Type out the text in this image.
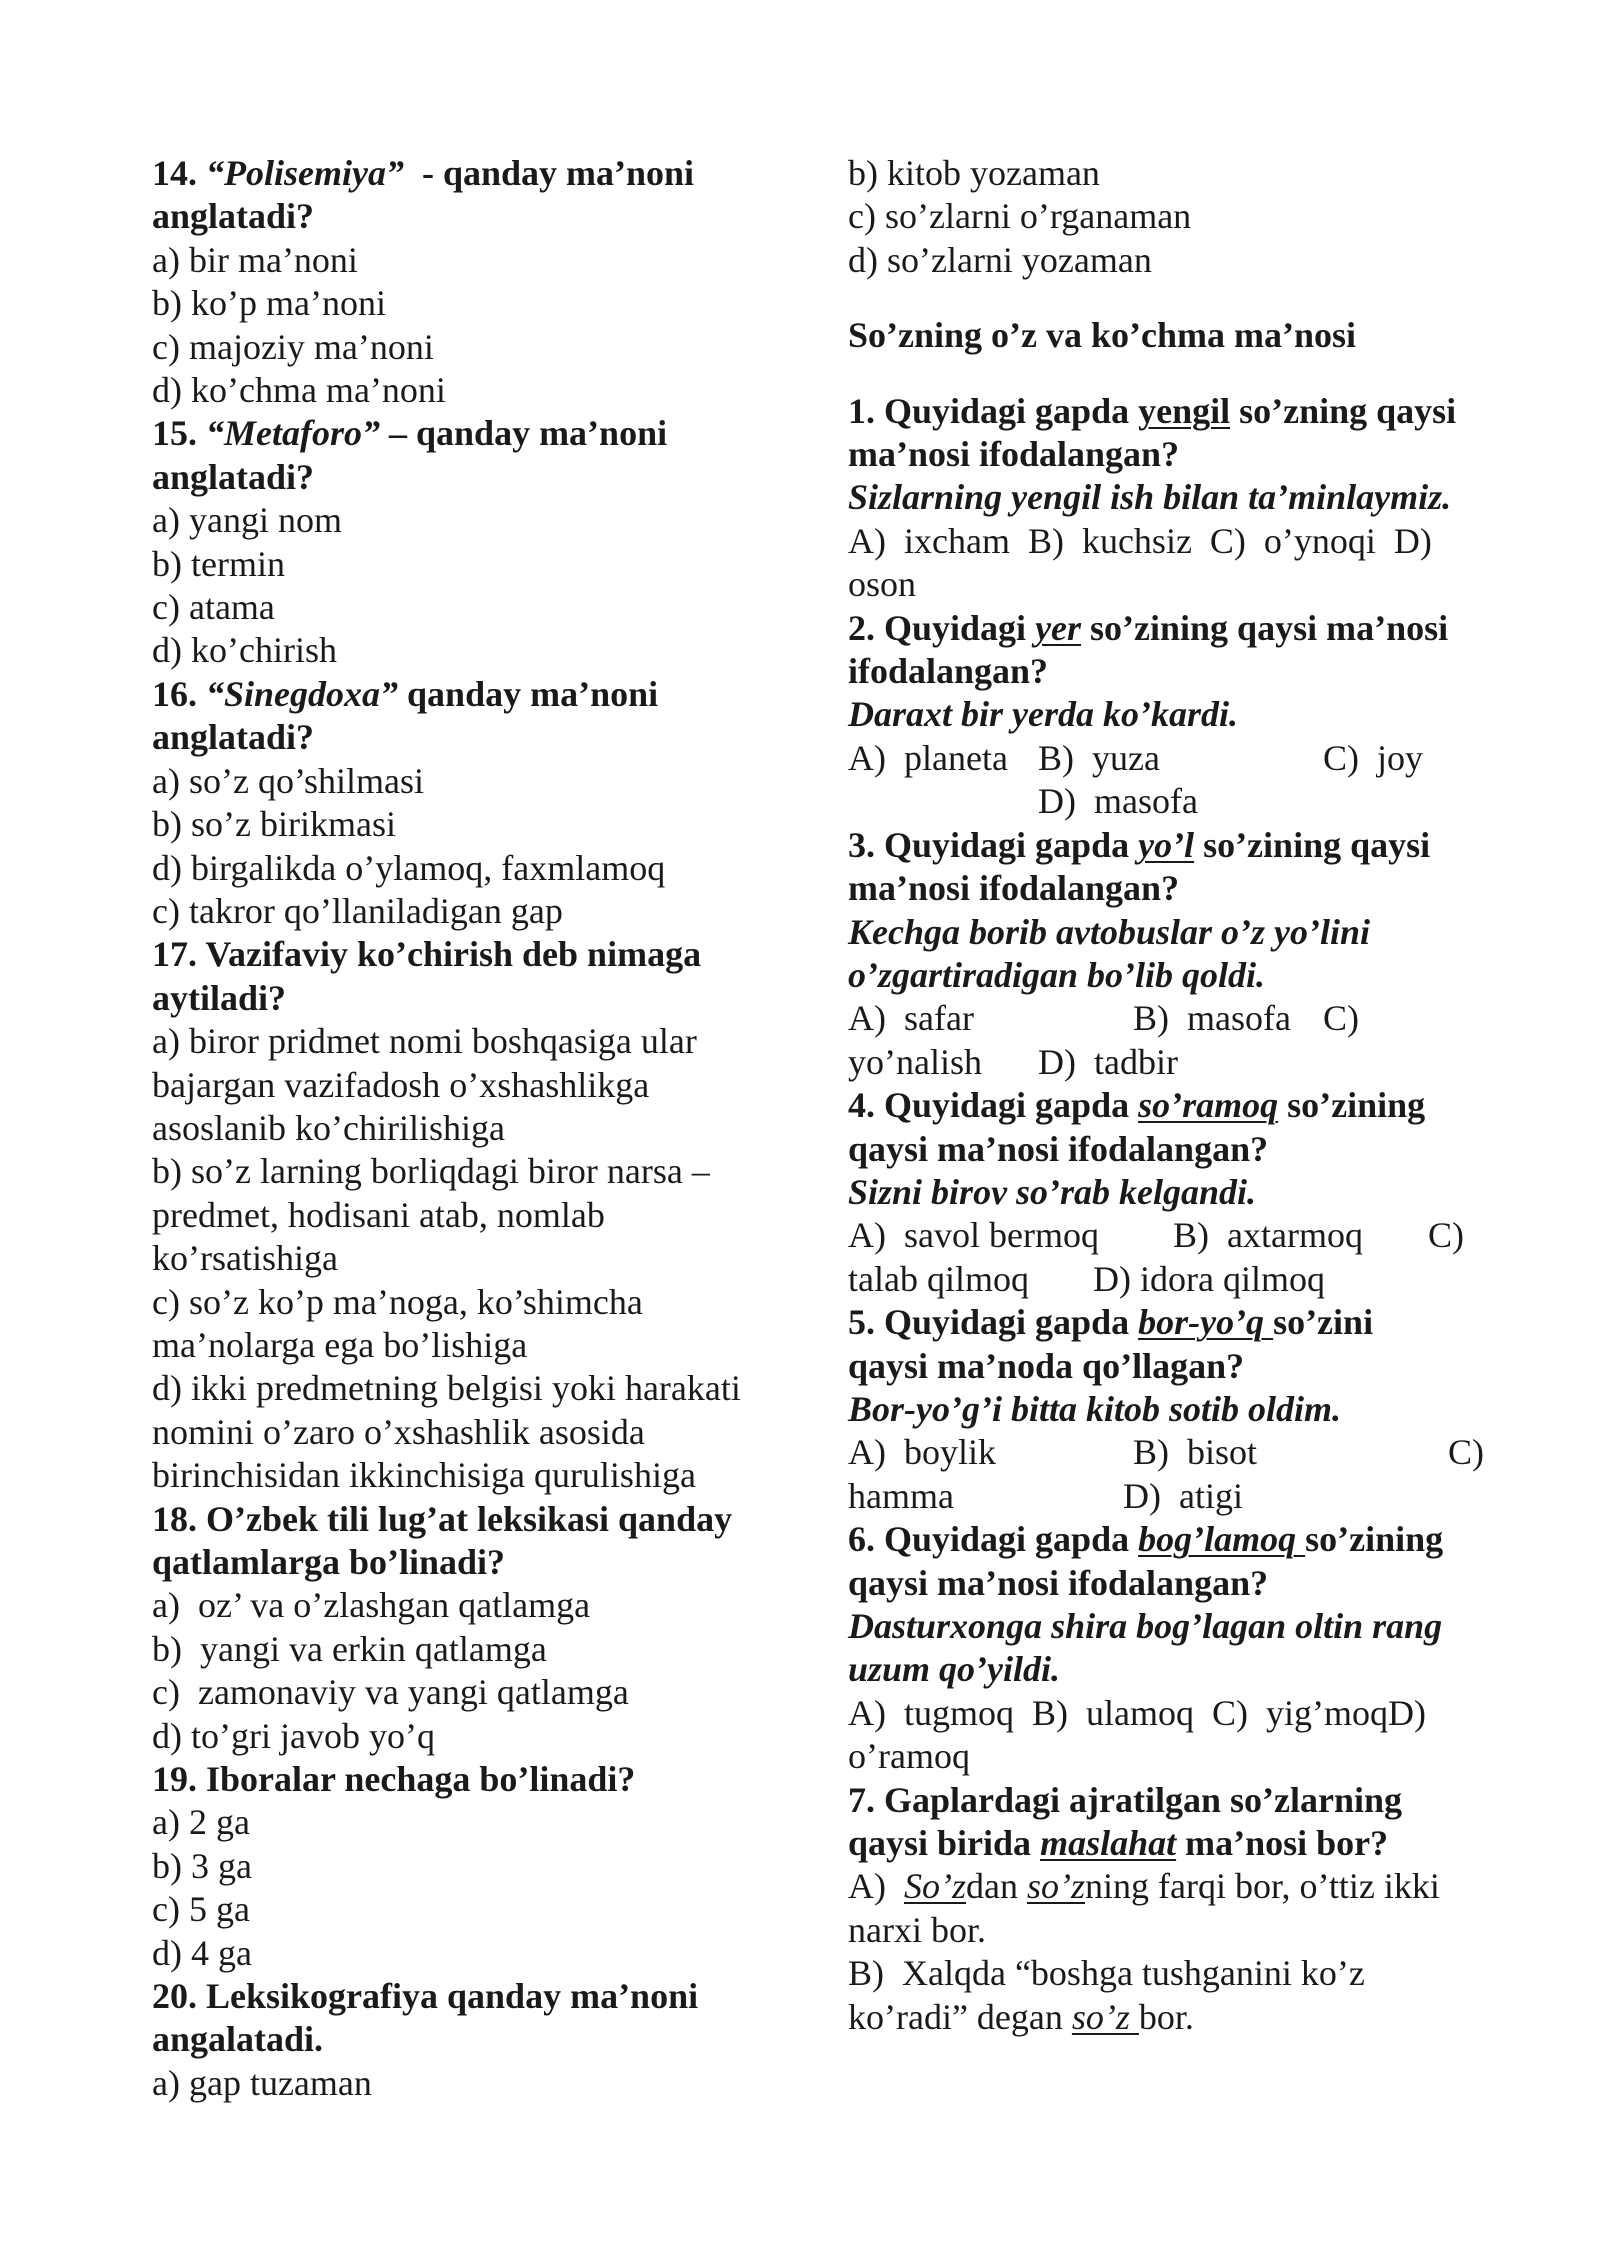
14. “Polisemiya”  - qanday ma’noni
anglatadi?
a) bir ma’noni
b) ko’p ma’noni
c) majoziy ma’noni
d) ko’chma ma’noni
15. “Metaforo” – qanday ma’noni
anglatadi?
a) yangi nom
b) termin
c) atama
d) ko’chirish
16. “Sinegdoxa” qanday ma’noni
anglatadi?
a) so’z qo’shilmasi
b) so’z birikmasi
d) birgalikda o’ylamoq, faxmlamoq
c) takror qo’llaniladigan gap
17. Vazifaviy ko’chirish deb nimaga
aytiladi?
a) biror pridmet nomi boshqasiga ular
bajargan vazifadosh o’xshashlikga
asoslanib ko’chirilishiga
b) so’z larning borliqdagi biror narsa –
predmet, hodisani atab, nomlab
ko’rsatishiga
c) so’z ko’p ma’noga, ko’shimcha
ma’nolarga ega bo’lishiga
d) ikki predmetning belgisi yoki harakati
nomini o’zaro o’xshashlik asosida
birinchisidan ikkinchisiga qurulishiga
18. O’zbek tili lug’at leksikasi qanday
qatlamlarga bo’linadi?
a)  oz’ va o’zlashgan qatlamga
b)  yangi va erkin qatlamga
c)  zamonaviy va yangi qatlamga
d) to’gri javob yo’q
19. Iboralar nechaga bo’linadi?
a) 2 ga
b) 3 ga
c) 5 ga
d) 4 ga
20. Leksikografiya qanday ma’noni
angalatadi.
a) gap tuzaman
b) kitob yozaman
c) so’zlarni o’rganaman
d) so’zlarni yozaman
So’zning o’z va ko’chma ma’nosi
1. Quyidagi gapda yengil so’zning qaysi
ma’nosi ifodalangan?
Sizlarning yengil ish bilan ta’minlaymiz.
A)  ixcham B)  kuchsiz C)  o’ynoqi D)
oson
2. Quyidagi yer so’zining qaysi ma’nosi
ifodalangan?
Daraxt bir yerda ko’kardi.
A)  planeta B)  yuza	C)  joy
D)  masofa
3. Quyidagi gapda yo’l so’zining qaysi
ma’nosi ifodalangan?
Kechga borib avtobuslar o’z yo’lini
o’zgartiradigan bo’lib qoldi.
A)  safar	B)  masofa C)
yo’nalish D)  tadbir
4. Quyidagi gapda so’ramoq so’zining
qaysi ma’nosi ifodalangan?
Sizni birov so’rab kelgandi.
A)  savol bermoq B)  axtarmoq C)
talab qilmoq D) idora qilmoq
5. Quyidagi gapda bor-yo’q so’zini
qaysi ma’noda qo’llagan?
Bor-yo’g’i bitta kitob sotib oldim.
A)  boylik	B)  bisot	C)
hamma	D)  atigi
6. Quyidagi gapda bog’lamoq so’zining
qaysi ma’nosi ifodalangan?
Dasturxonga shira bog’lagan oltin rang
uzum qo’yildi.
A)  tugmoq B)  ulamoq C)  yig’moqD)
o’ramoq
7. Gaplardagi ajratilgan so’zlarning
qaysi birida maslahat ma’nosi bor?
A)  So’zdan so’zning farqi bor, o’ttiz ikki
narxi bor.
B)  Xalqda “boshga tushganini ko’z
ko’radi” degan so’z bor.
